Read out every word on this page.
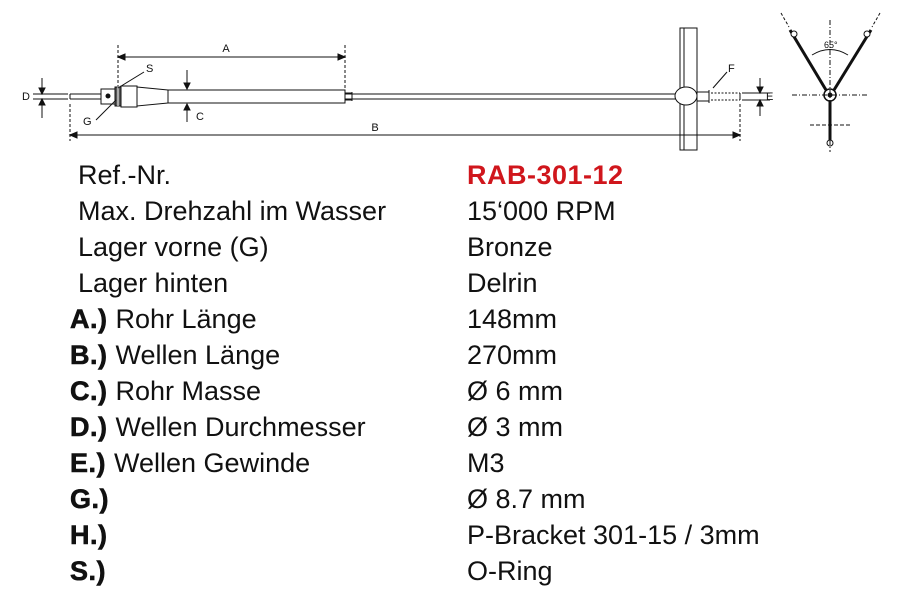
A
B
C
D	E
F
G
S
65°
Ref.-Nr.	RAB-301-12
Max. Drehzahl im Wasser	15‘000 RPM
Lager vorne (G)	Bronze
Lager hinten	Delrin
A.) Rohr Länge	148mm
B.) Wellen Länge	270mm
C.) Rohr Masse	Ø 6 mm
D.) Wellen Durchmesser	Ø 3 mm
E.) Wellen Gewinde	M3
G.)	Ø 8.7 mm
H.)	P-Bracket 301-15 / 3mm
S.)	O-Ring
